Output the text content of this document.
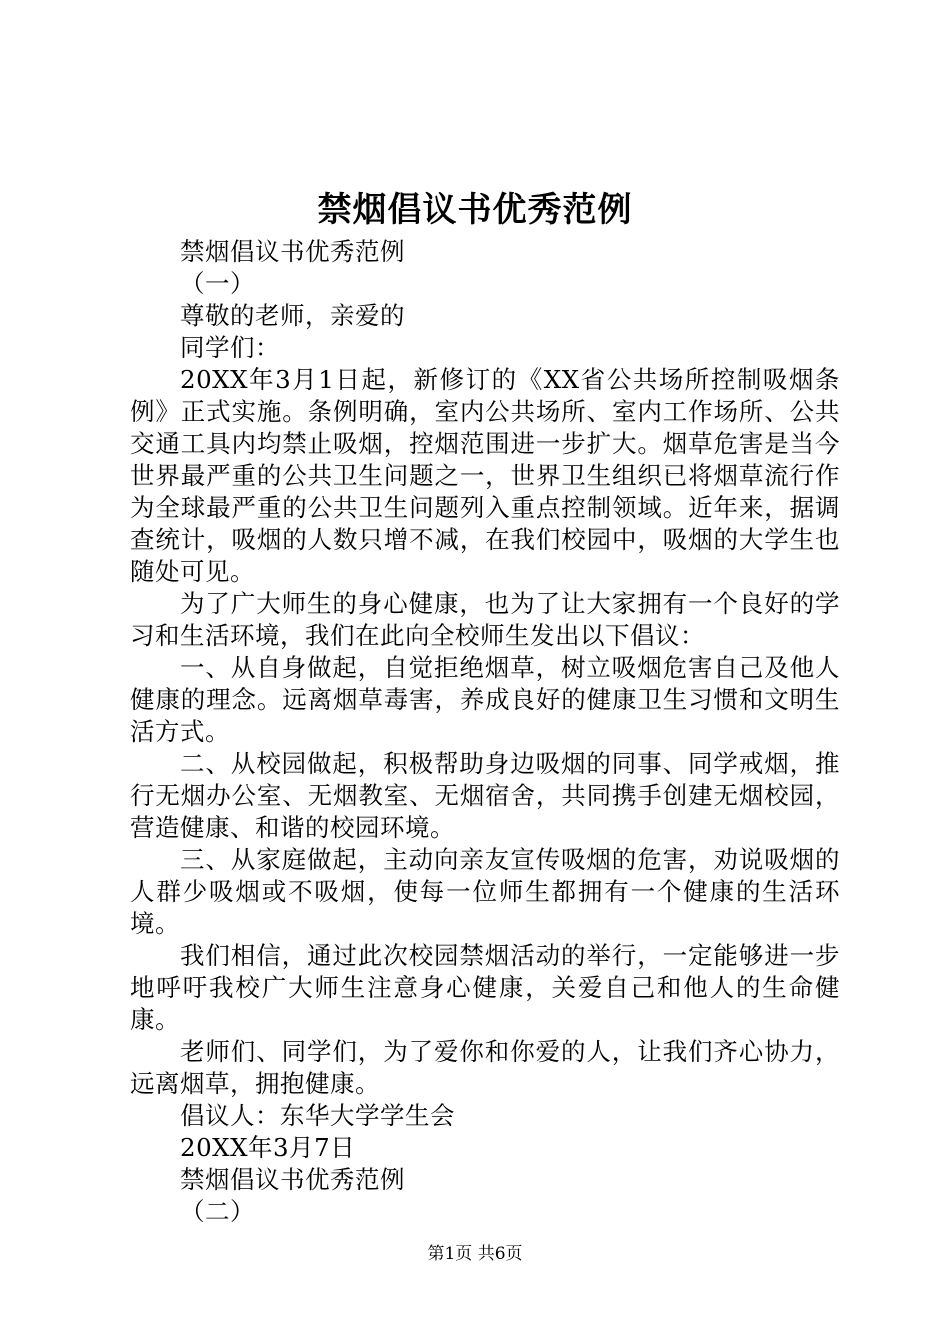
禁烟倡议书优秀范例

禁烟倡议书优秀范例

（一）

尊敬的老师，亲爱的

同学们：

20XX年3月1日起，新修订的《XX省公共场所控制吸烟条例》正式实施。条例明确，室内公共场所、室内工作场所、公共交通工具内均禁止吸烟，控烟范围进一步扩大。烟草危害是当今世界最严重的公共卫生问题之一，世界卫生组织已将烟草流行作为全球最严重的公共卫生问题列入重点控制领域。近年来，据调查统计，吸烟的人数只增不减，在我们校园中，吸烟的大学生也随处可见。

为了广大师生的身心健康，也为了让大家拥有一个良好的学习和生活环境，我们在此向全校师生发出以下倡议：

一、从自身做起，自觉拒绝烟草，树立吸烟危害自己及他人健康的理念。远离烟草毒害，养成良好的健康卫生习惯和文明生活方式。

二、从校园做起，积极帮助身边吸烟的同事、同学戒烟，推行无烟办公室、无烟教室、无烟宿舍，共同携手创建无烟校园，营造健康、和谐的校园环境。

三、从家庭做起，主动向亲友宣传吸烟的危害，劝说吸烟的人群少吸烟或不吸烟，使每一位师生都拥有一个健康的生活环境。

我们相信，通过此次校园禁烟活动的举行，一定能够进一步地呼吁我校广大师生注意身心健康，关爱自己和他人的生命健康。

老师们、同学们，为了爱你和你爱的人，让我们齐心协力，远离烟草，拥抱健康。

倡议人：东华大学学生会

20XX年3月7日

禁烟倡议书优秀范例

（二）

第1页 共6页
